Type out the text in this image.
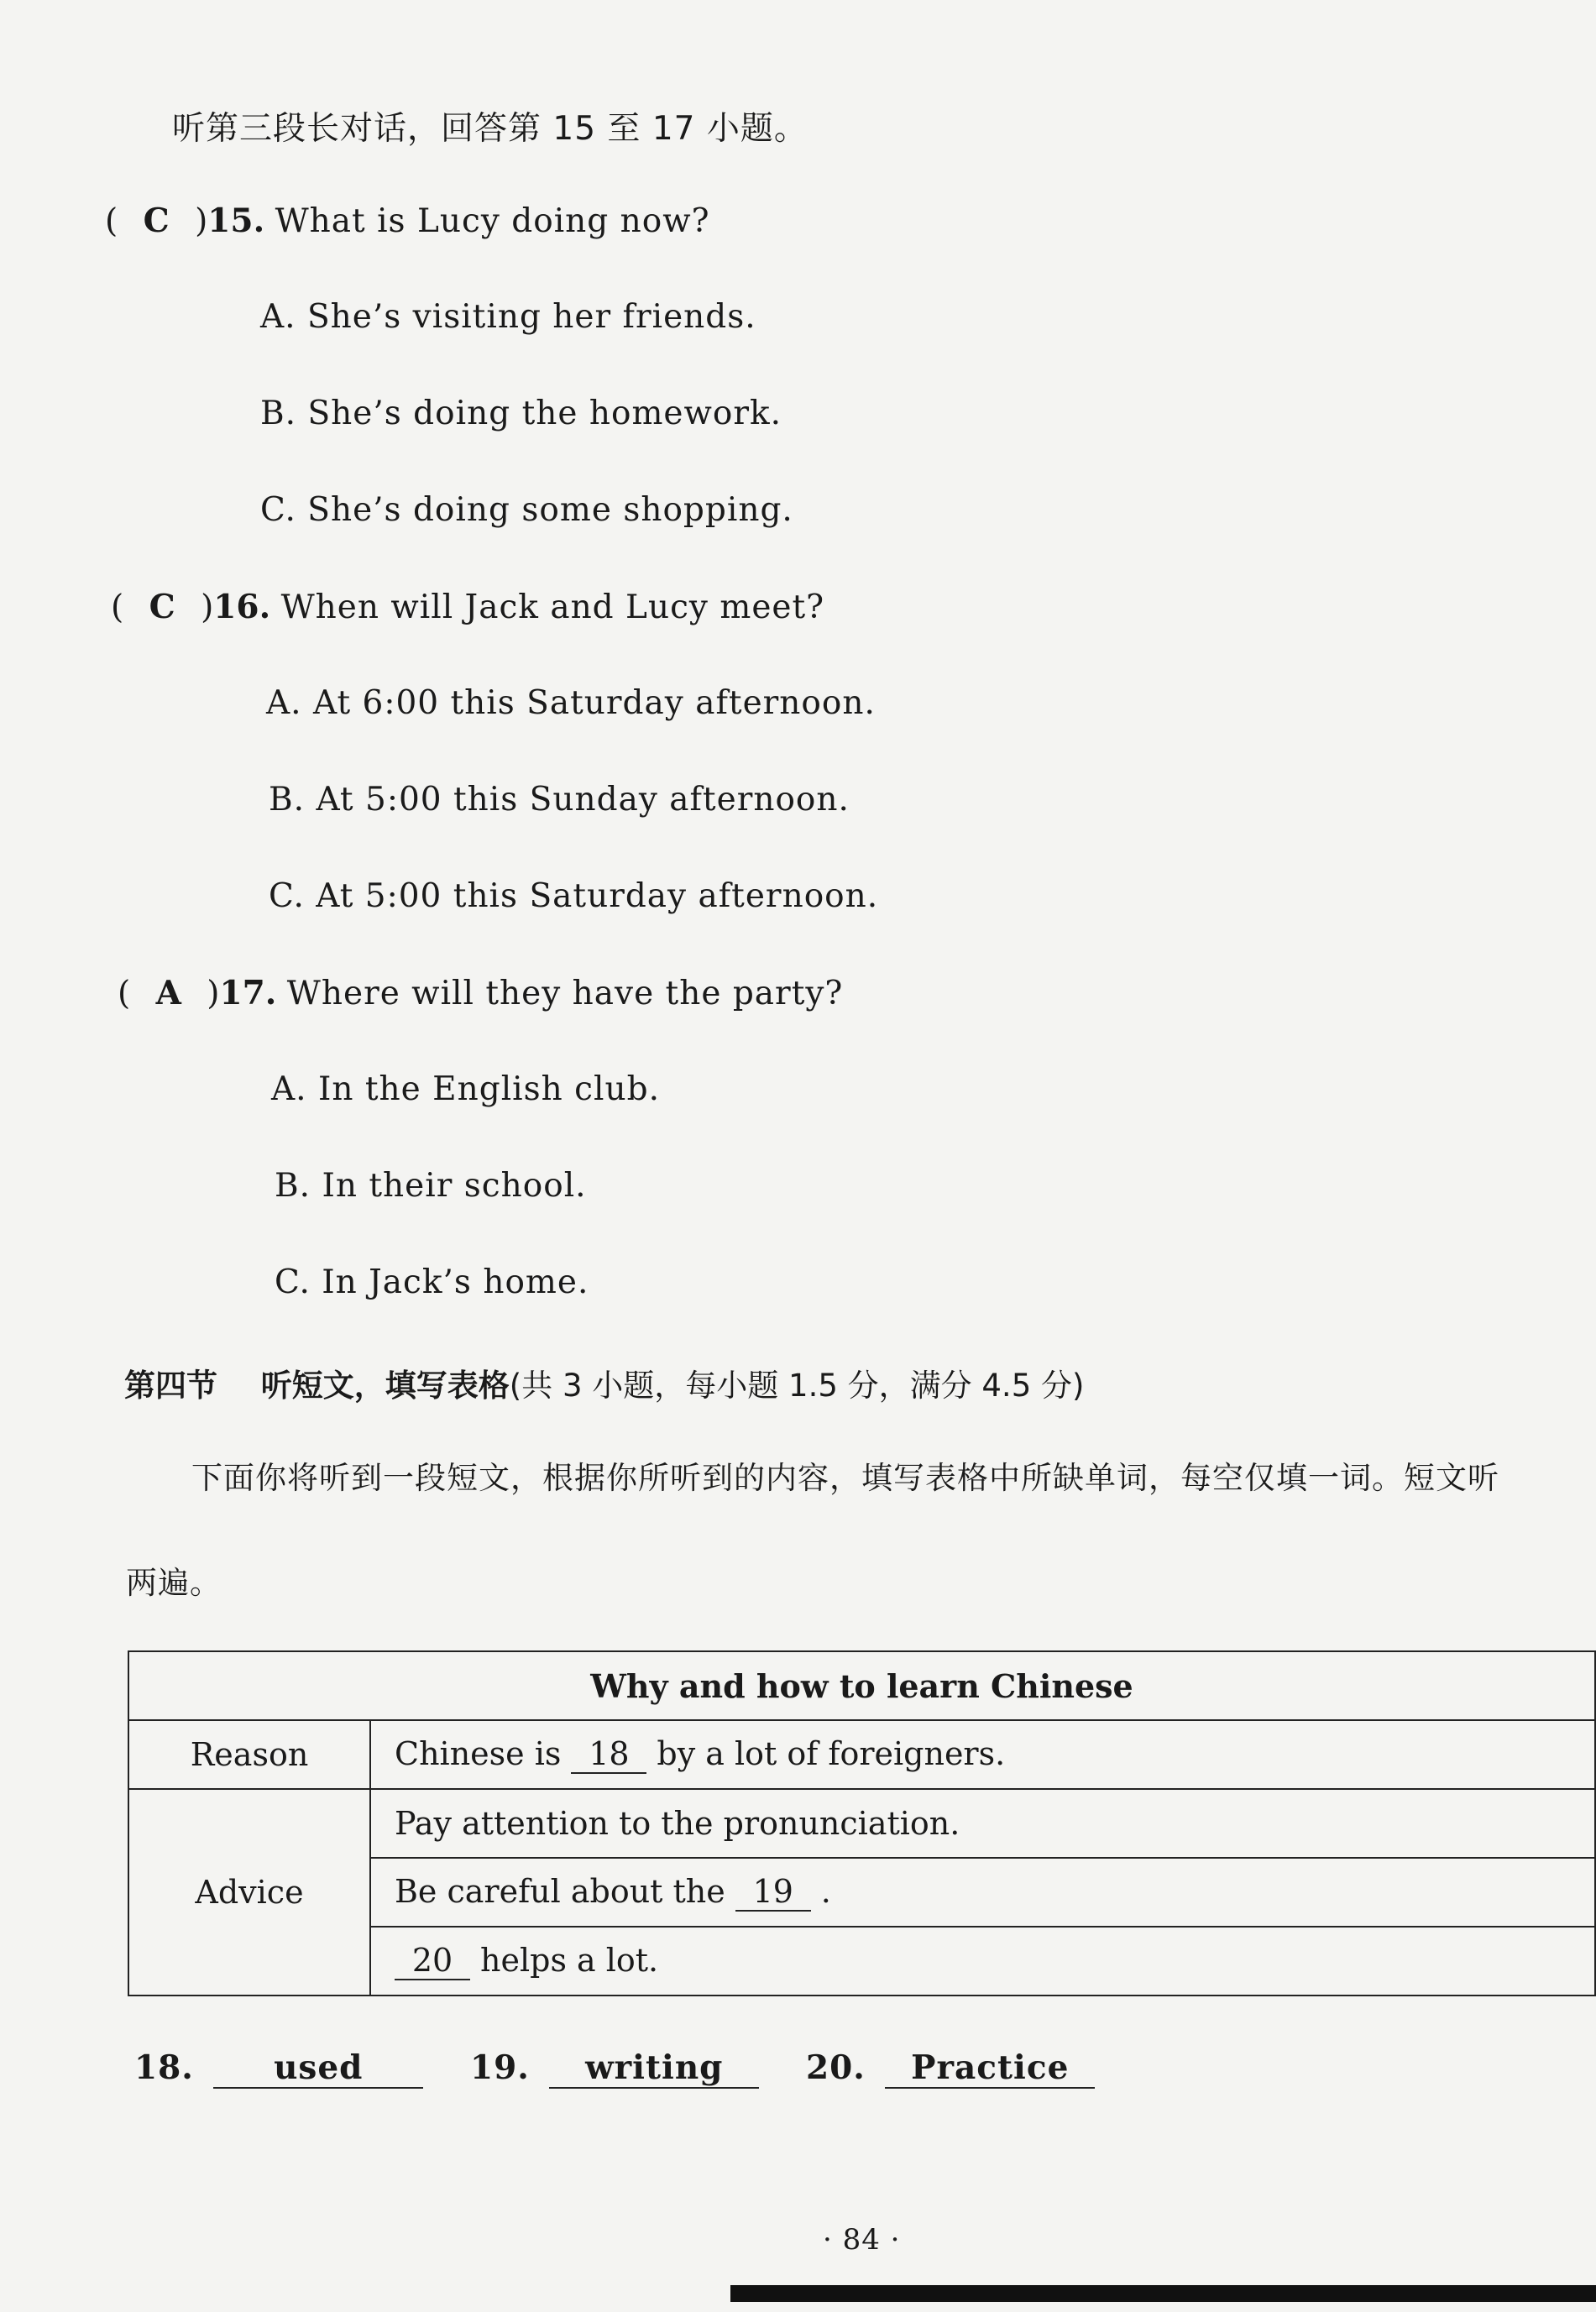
听第三段长对话，回答第 15 至 17 小题。
( C )15. What is Lucy doing now?
A. She’s visiting her friends.
B. She’s doing the homework.
C. She’s doing some shopping.
( C )16. When will Jack and Lucy meet?
A. At 6:00 this Saturday afternoon.
B. At 5:00 this Sunday afternoon.
C. At 5:00 this Saturday afternoon.
( A )17. Where will they have the party?
A. In the English club.
B. In their school.
C. In Jack’s home.
第四节 听短文，填写表格(共 3 小题，每小题 1.5 分，满分 4.5 分)
下面你将听到一段短文，根据你所听到的内容，填写表格中所缺单词，每空仅填一词。短文听
两遍。
Why and how to learn Chinese	
Reason	Chinese is 18 by a lot of foreigners.
Advice	Pay attention to the pronunciation.
	Be careful about the 19 .
	20 helps a lot.
18. used	19. writing	20. Practice
· 84 ·
